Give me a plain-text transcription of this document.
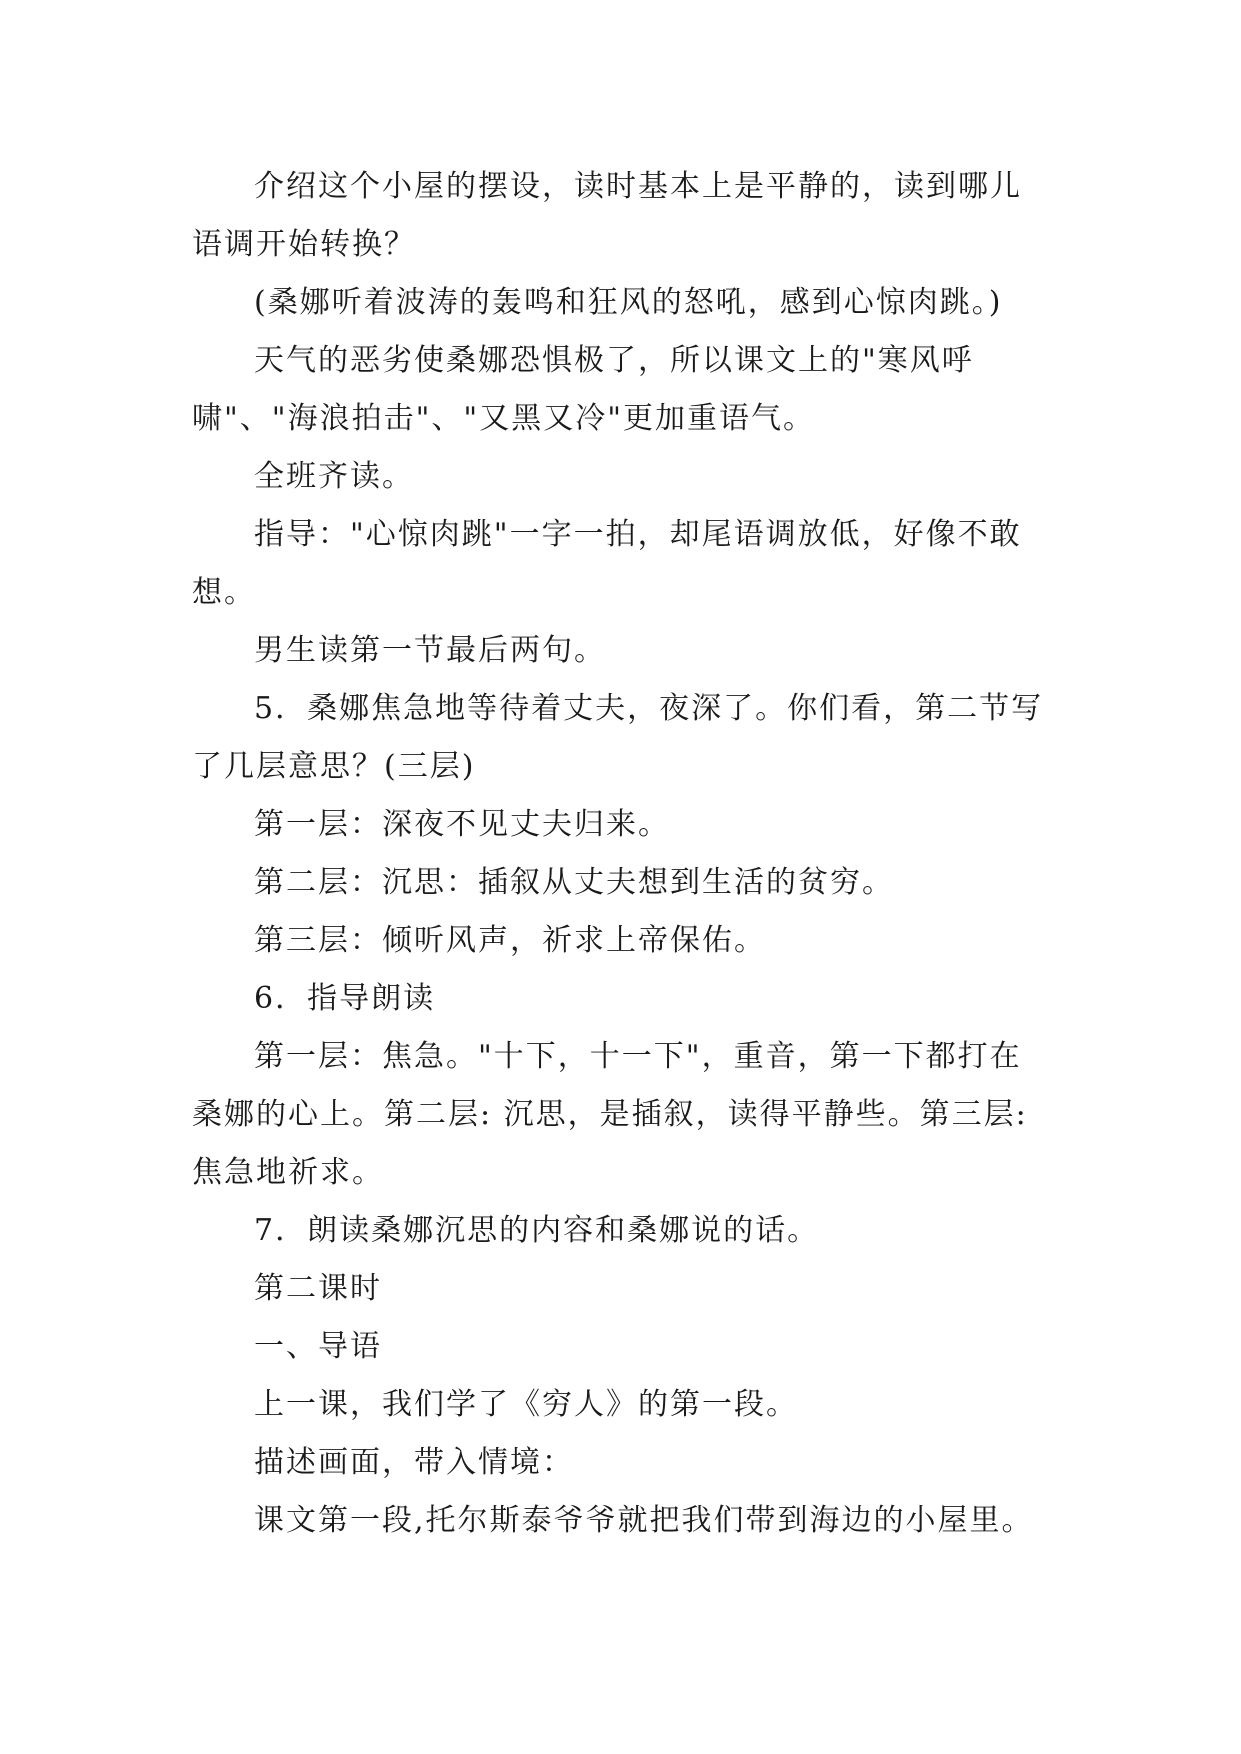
介绍这个小屋的摆设，读时基本上是平静的，读到哪儿语调开始转换？

(桑娜听着波涛的轰鸣和狂风的怒吼，感到心惊肉跳。)

天气的恶劣使桑娜恐惧极了，所以课文上的"寒风呼啸"、"海浪拍击"、"又黑又冷"更加重语气。

全班齐读。

指导："心惊肉跳"一字一拍，却尾语调放低，好像不敢想。

男生读第一节最后两句。

5．桑娜焦急地等待着丈夫，夜深了。你们看，第二节写了几层意思？(三层)

第一层：深夜不见丈夫归来。

第二层：沉思：插叙从丈夫想到生活的贫穷。

第三层：倾听风声，祈求上帝保佑。

6．指导朗读

第一层：焦急。"十下，十一下"，重音，第一下都打在桑娜的心上。第二层: 沉思，是插叙，读得平静些。第三层: 焦急地祈求。

7．朗读桑娜沉思的内容和桑娜说的话。

第二课时

一、导语

上一课，我们学了《穷人》的第一段。

描述画面，带入情境：

课文第一段,托尔斯泰爷爷就把我们带到海边的小屋里。
